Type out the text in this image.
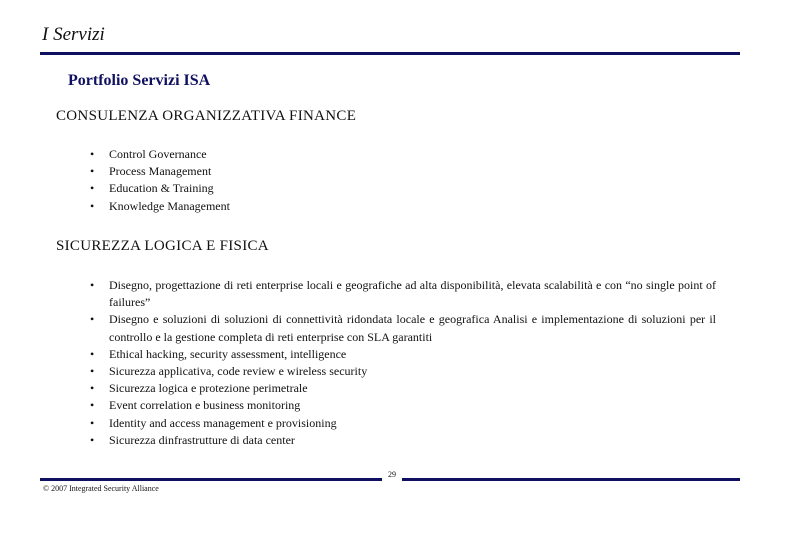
I Servizi
Portfolio Servizi ISA
CONSULENZA ORGANIZZATIVA FINANCE
• Control Governance
• Process Management
• Education & Training
• Knowledge Management
SICUREZZA LOGICA E FISICA
• Disegno, progettazione di reti enterprise locali e geografiche ad alta disponibilità, elevata scalabilità e con “no single point of failures”
• Disegno e soluzioni di soluzioni di connettività ridondata locale e geografica Analisi e implementazione di soluzioni per il controllo e la gestione completa di reti enterprise con SLA garantiti
• Ethical hacking, security assessment, intelligence
• Sicurezza applicativa, code review e wireless security
• Sicurezza logica e protezione perimetrale
• Event correlation e business monitoring
• Identity and access management e provisioning
• Sicurezza dinfrastrutture di data center
29
© 2007 Integrated Security Alliance
